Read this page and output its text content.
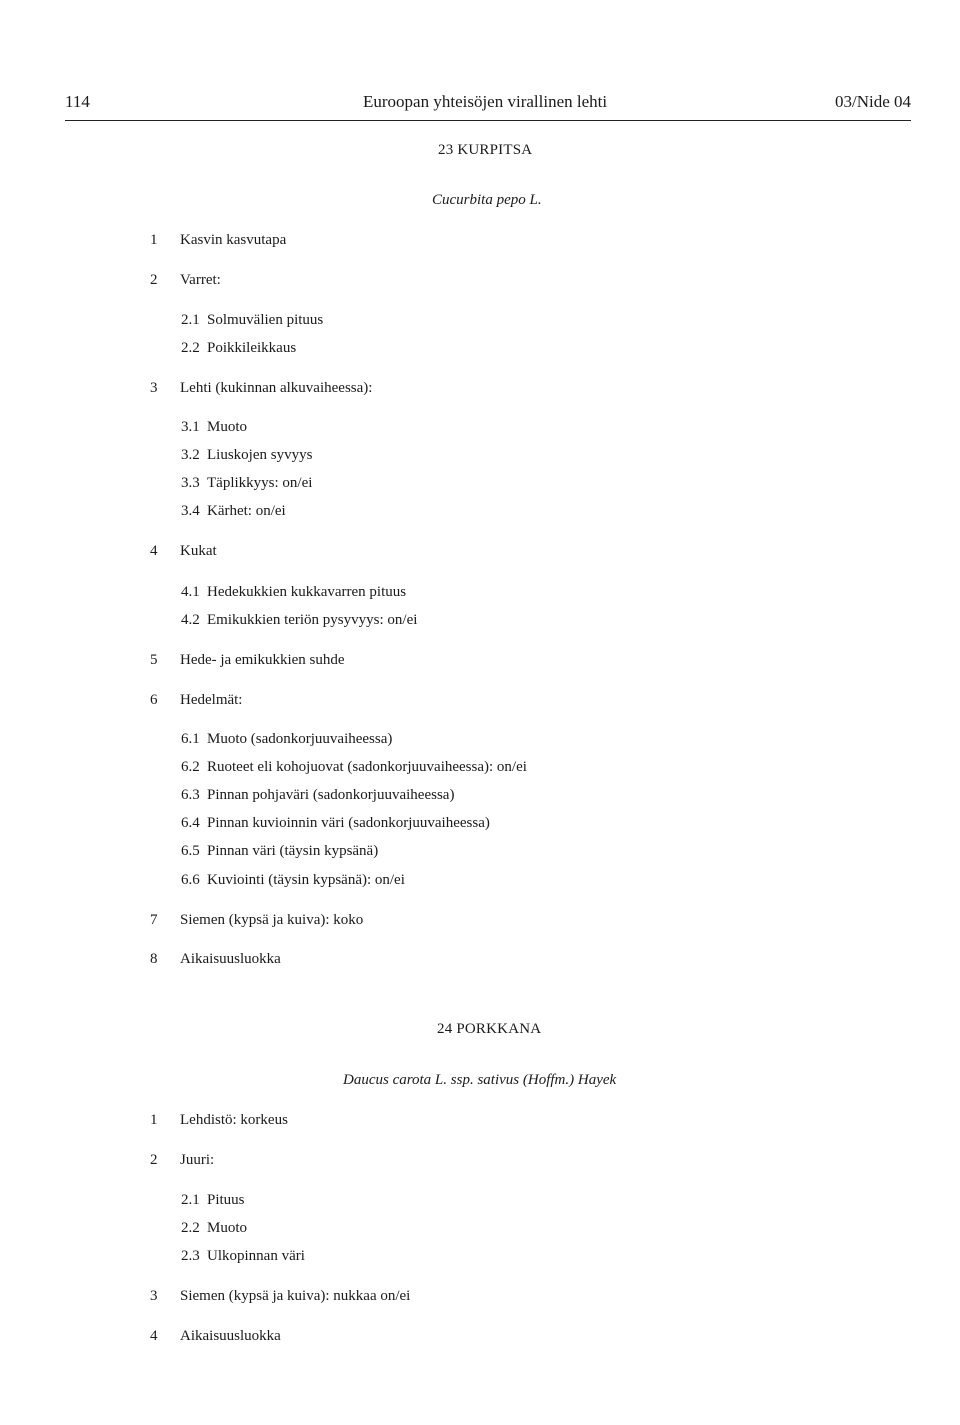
114	Euroopan yhteisöjen virallinen lehti	03/Nide 04
23 KURPITSA
Cucurbita pepo L.
1 Kasvin kasvutapa
2 Varret:
2.1 Solmuvälien pituus
2.2 Poikkileikkaus
3 Lehti (kukinnan alkuvaiheessa):
3.1 Muoto
3.2 Liuskojen syvyys
3.3 Täplikkyys: on/ei
3.4 Kärhet: on/ei
4 Kukat
4.1 Hedekukkien kukkavarren pituus
4.2 Emikukkien teriön pysyvyys: on/ei
5 Hede- ja emikukkien suhde
6 Hedelmät:
6.1 Muoto (sadonkorjuuvaiheessa)
6.2 Ruoteet eli kohojuovat (sadonkorjuuvaiheessa): on/ei
6.3 Pinnan pohjaväri (sadonkorjuuvaiheessa)
6.4 Pinnan kuvioinnin väri (sadonkorjuuvaiheessa)
6.5 Pinnan väri (täysin kypsänä)
6.6 Kuviointi (täysin kypsänä): on/ei
7 Siemen (kypsä ja kuiva): koko
8 Aikaisuusluokka
24 PORKKANA
Daucus carota L. ssp. sativus (Hoffm.) Hayek
1 Lehdistö: korkeus
2 Juuri:
2.1 Pituus
2.2 Muoto
2.3 Ulkopinnan väri
3 Siemen (kypsä ja kuiva): nukkaa on/ei
4 Aikaisuusluokka
